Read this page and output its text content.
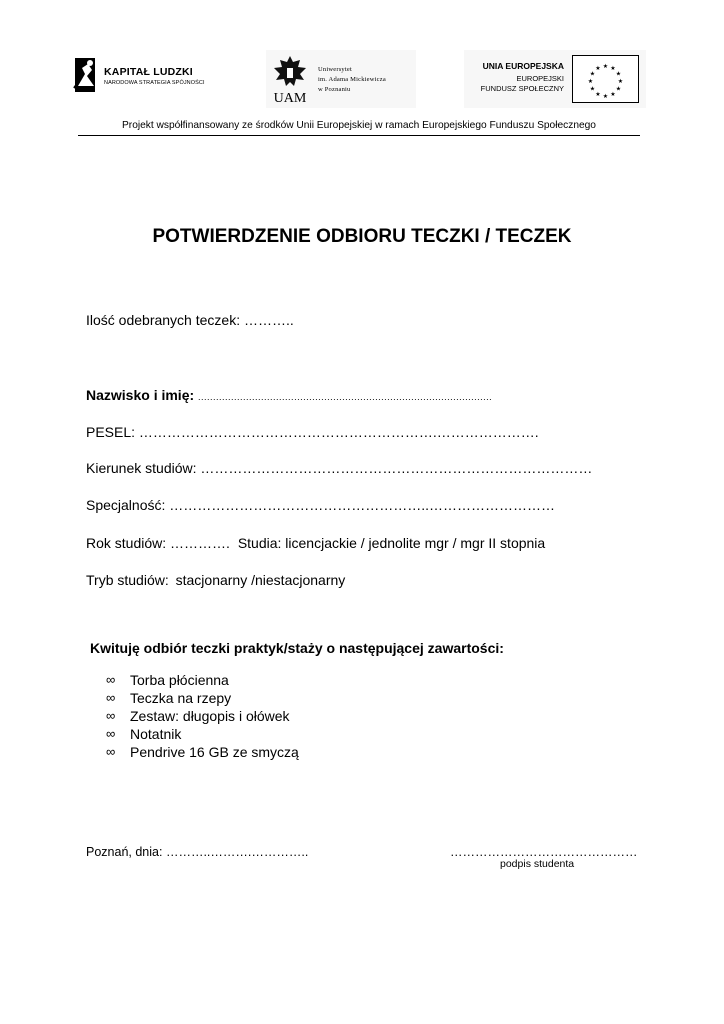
KAPITAŁ LUDZKI
NARODOWA STRATEGIA SPÓJNOŚCI
UAM
Uniwersytet
im. Adama Mickiewicza
w Poznaniu
UNIA EUROPEJSKA
EUROPEJSKI
FUNDUSZ SPOŁECZNY
★ ★
★
★
★
★
★
★
★
★
★
★
Projekt współfinansowany ze środków Unii Europejskiej w ramach Europejskiego Funduszu Społecznego
POTWIERDZENIE ODBIORU TECZKI / TECZEK
Ilość odebranych teczek: ………..
Nazwisko i imię: ..................................................................................................
PESEL: ……………………………………………………….………………….
Kierunek studiów: …………………………………………………………………………
Specjalność: ………………………………………………..………………………
Rok studiów: …………. Studia: licencjackie / jednolite mgr / mgr II stopnia
Tryb studiów: stacjonarny /niestacjonarny
Kwituję odbiór teczki praktyk/staży o następującej zawartości:
∞	Torba płócienna
∞	Teczka na rzepy
∞	Zestaw: długopis i ołówek
∞	Notatnik
∞	Pendrive 16 GB ze smyczą
Poznań, dnia: ………..……….…………..	………………………………………
podpis studenta
